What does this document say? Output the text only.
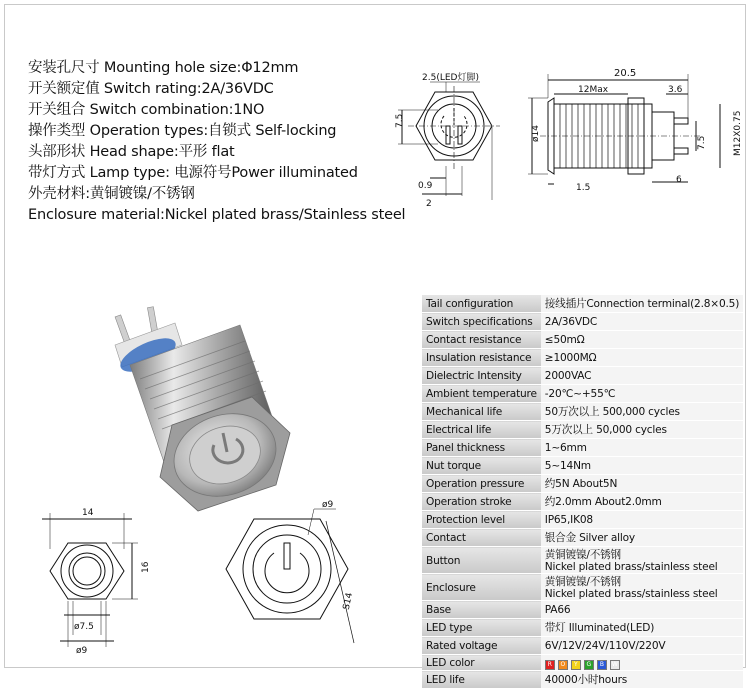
安装孔尺寸 Mounting hole size:Φ12mm
开关额定值 Switch rating:2A/36VDC
开关组合 Switch combination:1NO
操作类型 Operation types:自锁式 Self-locking
头部形状 Head shape:平形 flat
带灯方式 Lamp type: 电源符号Power illuminated
外壳材料:黄铜镀镍/不锈钢
Enclosure material:Nickel plated brass/Stainless steel
2.5(LED灯脚)
7.5
0.9
2
20.5
12Max	3.6
ø14	M12X0.75
7.5
1.5
6
14
16
ø7.5
ø9
ø9
S14
Tail configuration	接线插片Connection terminal(2.8×0.5)
Switch specifications	2A/36VDC
Contact resistance	≤50mΩ
Insulation resistance	≥1000MΩ
Dielectric Intensity	2000VAC
Ambient temperature	-20℃~+55℃
Mechanical life	50万次以上 500,000 cycles
Electrical life	5万次以上 50,000 cycles
Panel thickness	1~6mm
Nut torque	5~14Nm
Operation pressure	约5N About5N
Operation stroke	约2.0mm About2.0mm
Protection level	IP65,IK08
Contact	银合金 Silver alloy
Button	黄铜镀镍/不锈钢
Nickel plated brass/stainless steel

Enclosure	黄铜镀镍/不锈钢
Nickel plated brass/stainless steel

Base	PA66
LED type	带灯 Illuminated(LED)
Rated voltage	6V/12V/24V/110V/220V
LED color	R O Y G B W
LED life	40000小时hours
